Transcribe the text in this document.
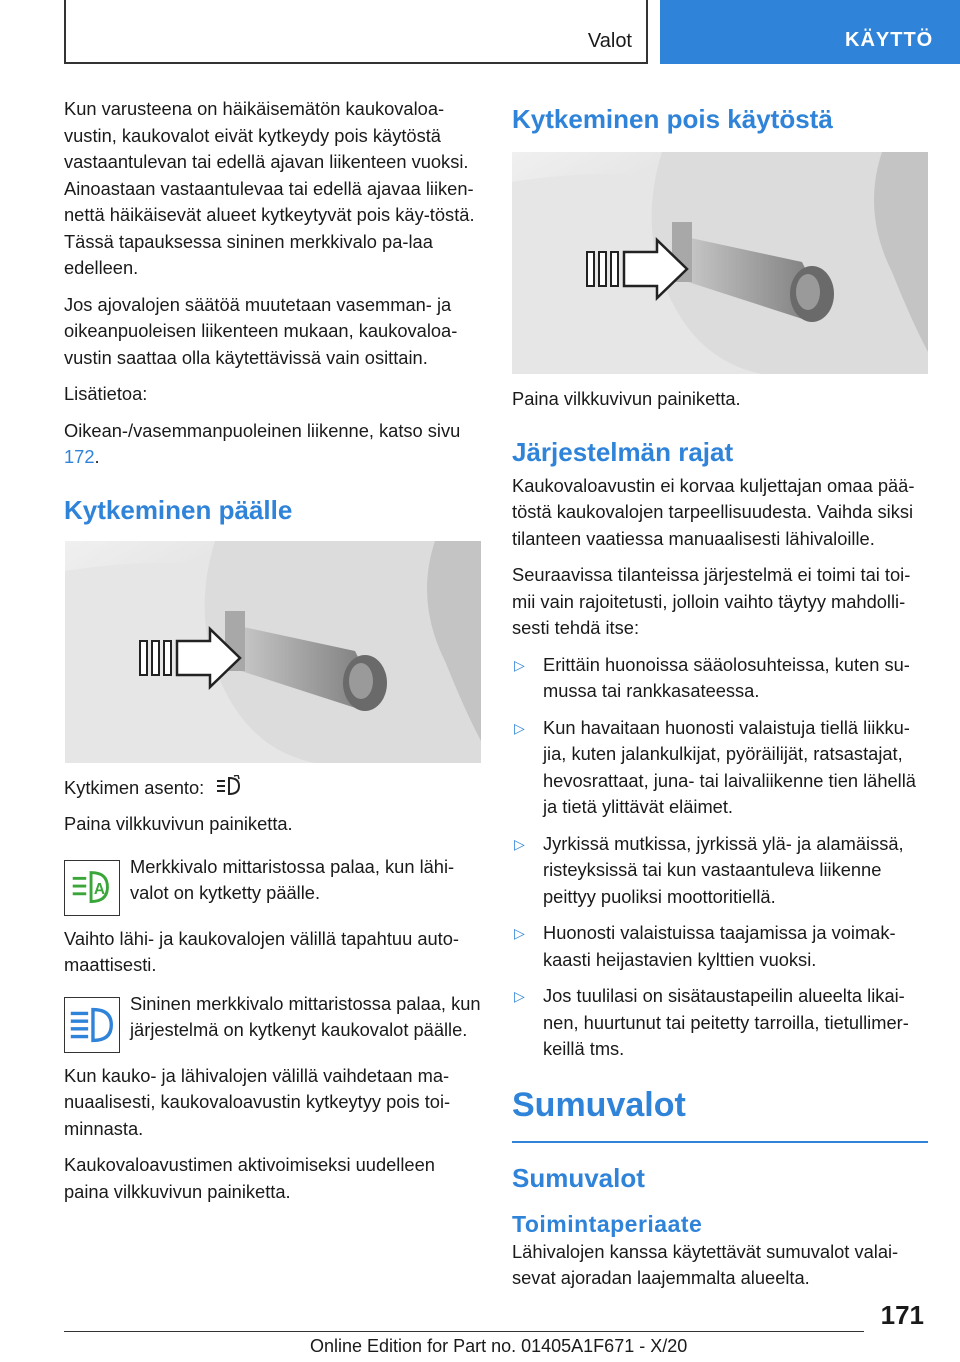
Valot	KÄYTTÖ

Kun varusteena on häikäisemätön kaukovaloa-vustin, kaukovalot eivät kytkeydy pois käytöstä vastaantulevan tai edellä ajavan liikenteen vuoksi. Ainoastaan vastaantulevaa tai edellä ajavaa liiken-nettä häikäisevät alueet kytkeytyvät pois käy-töstä. Tässä tapauksessa sininen merkkivalo pa-laa edelleen.

Jos ajovalojen säätöä muutetaan vasemman- ja oikeanpuoleisen liikenteen mukaan, kaukovaloa-vustin saattaa olla käytettävissä vain osittain.

Lisätietoa:

Oikean-/vasemmanpuoleinen liikenne, katso sivu 172.

Kytkeminen päälle

Kytkimen asento:

Paina vilkkuvivun painiketta.

A

Merkkivalo mittaristossa palaa, kun lähi-valot on kytketty päälle.

Vaihto lähi- ja kaukovalojen välillä tapahtuu auto-maattisesti.

Sininen merkkivalo mittaristossa palaa, kun järjestelmä on kytkenyt kaukovalot päälle.

Kun kauko- ja lähivalojen välillä vaihdetaan ma-nuaalisesti, kaukovaloavustin kytkeytyy pois toi-minnasta.

Kaukovaloavustimen aktivoimiseksi uudelleen paina vilkkuvivun painiketta.

Kytkeminen pois käytöstä

Paina vilkkuvivun painiketta.

Järjestelmän rajat

Kaukovaloavustin ei korvaa kuljettajan omaa pää-töstä kaukovalojen tarpeellisuudesta. Vaihda siksi tilanteen vaatiessa manuaalisesti lähivaloille.

Seuraavissa tilanteissa järjestelmä ei toimi tai toi-mii vain rajoitetusti, jolloin vaihto täytyy mahdolli-sesti tehdä itse:

▷ Erittäin huonoissa sääolosuhteissa, kuten su-mussa tai rankkasateessa.
▷ Kun havaitaan huonosti valaistuja tiellä liikku-jia, kuten jalankulkijat, pyöräilijät, ratsastajat, hevosrattaat, juna- tai laivaliikenne tien lähellä ja tietä ylittävät eläimet.
▷ Jyrkissä mutkissa, jyrkissä ylä- ja alamäissä, risteyksissä tai kun vastaantuleva liikenne peittyy puoliksi moottoritiellä.
▷ Huonosti valaistuissa taajamissa ja voimak-kaasti heijastavien kylttien vuoksi.
▷ Jos tuulilasi on sisätaustapeilin alueelta likai-nen, huurtunut tai peitetty tarroilla, tietullimer-keillä tms.
Sumuvalot
Sumuvalot
Toimintaperiaate

Lähivalojen kanssa käytettävät sumuvalot valai-sevat ajoradan laajemmalta alueelta.

171
Online Edition for Part no. 01405A1F671 - X/20
